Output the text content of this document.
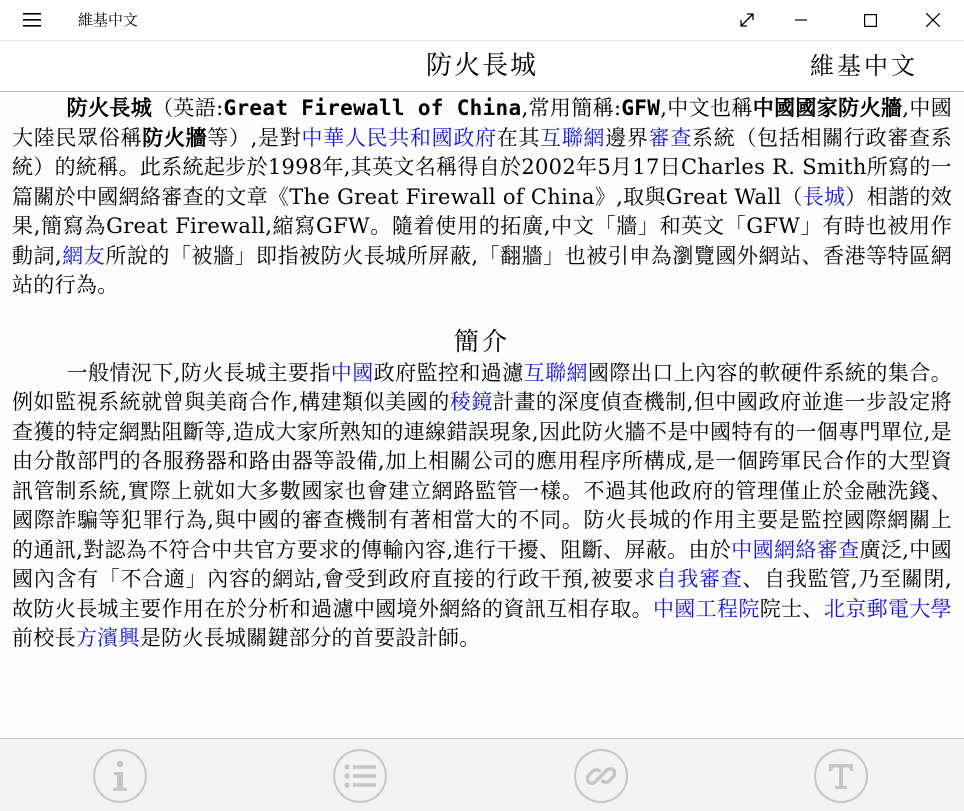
維基中文
防火長城	維基中文

防火長城（英語:Great Firewall of China,常用簡稱:GFW,中文也稱中國國家防火牆,中國大陸民眾俗稱防火牆等）,是對中華人民共和國政府在其互聯網邊界審查系統（包括相關行政審查系統）的統稱。此系統起步於1998年,其英文名稱得自於2002年5月17日Charles R. Smith所寫的一篇關於中國網絡審查的文章《The Great Firewall of China》,取與Great Wall（長城）相諧的效果,簡寫為Great Firewall,縮寫GFW。隨着使用的拓廣,中文「牆」和英文「GFW」有時也被用作動詞,網友所說的「被牆」即指被防火長城所屏蔽,「翻牆」也被引申為瀏覽國外網站、香港等特區網站的行為。

簡介

一般情況下,防火長城主要指中國政府監控和過濾互聯網國際出口上內容的軟硬件系統的集合。例如監視系統就曾與美商合作,構建類似美國的稜鏡計畫的深度偵查機制,但中國政府並進一步設定將查獲的特定網點阻斷等,造成大家所熟知的連線錯誤現象,因此防火牆不是中國特有的一個專門單位,是由分散部門的各服務器和路由器等設備,加上相關公司的應用程序所構成,是一個跨軍民合作的大型資訊管制系統,實際上就如大多數國家也會建立網路監管一樣。不過其他政府的管理僅止於金融洗錢、國際詐騙等犯罪行為,與中國的審查機制有著相當大的不同。防火長城的作用主要是監控國際網關上的通訊,對認為不符合中共官方要求的傳輸內容,進行干擾、阻斷、屏蔽。由於中國網絡審查廣泛,中國國內含有「不合適」內容的網站,會受到政府直接的行政干預,被要求自我審查、自我監管,乃至關閉,故防火長城主要作用在於分析和過濾中國境外網絡的資訊互相存取。中國工程院院士、北京郵電大學前校長方濱興是防火長城關鍵部分的首要設計師。
